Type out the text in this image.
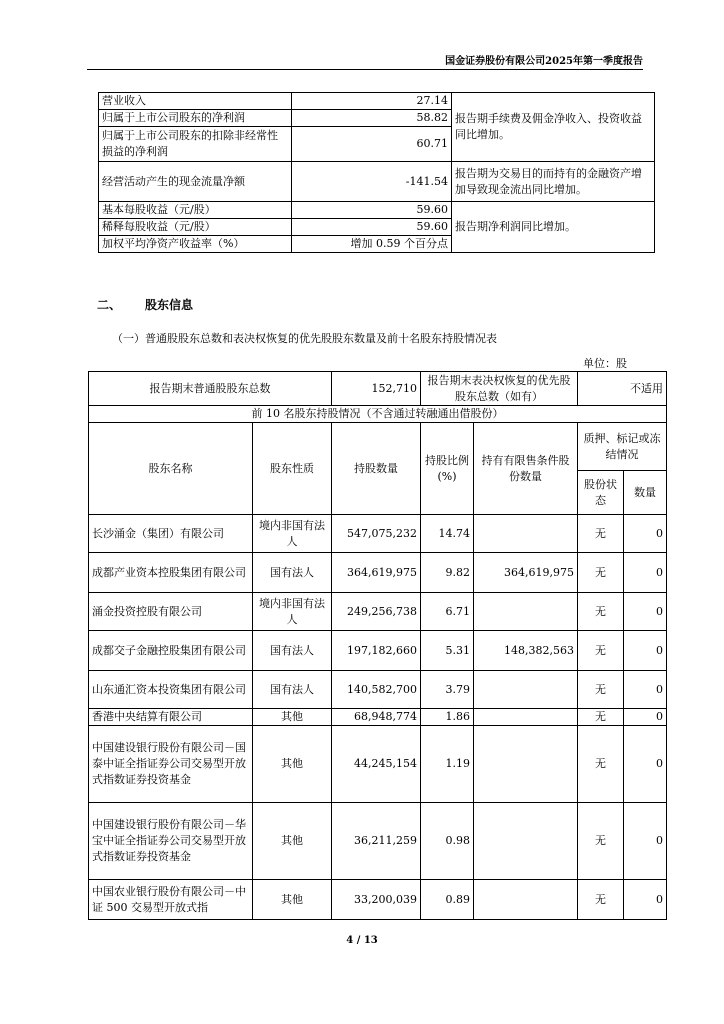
国金证券股份有限公司2025年第一季度报告
营业收入	27.14	报告期手续费及佣金净收入、投资收益同比增加。
归属于上市公司股东的净利润	58.82	
归属于上市公司股东的扣除非经常性损益的净利润	60.71	
经营活动产生的现金流量净额	-141.54	报告期为交易目的而持有的金融资产增加导致现金流出同比增加。
基本每股收益（元/股）	59.60	报告期净利润同比增加。
稀释每股收益（元/股）	59.60	
加权平均净资产收益率（%）	增加 0.59 个百分点	
二、 股东信息
（一）普通股股东总数和表决权恢复的优先股股东数量及前十名股东持股情况表
单位：股
报告期末普通股股东总数		152,710	报告期末表决权恢复的优先股股东总数（如有）		不适用	
前 10 名股东持股情况（不含通过转融通出借股份）						
股东名称	股东性质	持股数量	持股比例(%)	持有有限售条件股份数量	质押、标记或冻结情况	
					股份状态	数量
长沙涌金（集团）有限公司	境内非国有法人	547,075,232	14.74		无	0
成都产业资本控股集团有限公司	国有法人	364,619,975	9.82	364,619,975	无	0
涌金投资控股有限公司	境内非国有法人	249,256,738	6.71		无	0
成都交子金融控股集团有限公司	国有法人	197,182,660	5.31	148,382,563	无	0
山东通汇资本投资集团有限公司	国有法人	140,582,700	3.79		无	0
香港中央结算有限公司	其他	68,948,774	1.86		无	0
中国建设银行股份有限公司－国泰中证全指证券公司交易型开放式指数证券投资基金	其他	44,245,154	1.19		无	0
中国建设银行股份有限公司－华宝中证全指证券公司交易型开放式指数证券投资基金	其他	36,211,259	0.98		无	0
中国农业银行股份有限公司－中证 500 交易型开放式指	其他	33,200,039	0.89		无	0
4 / 13
